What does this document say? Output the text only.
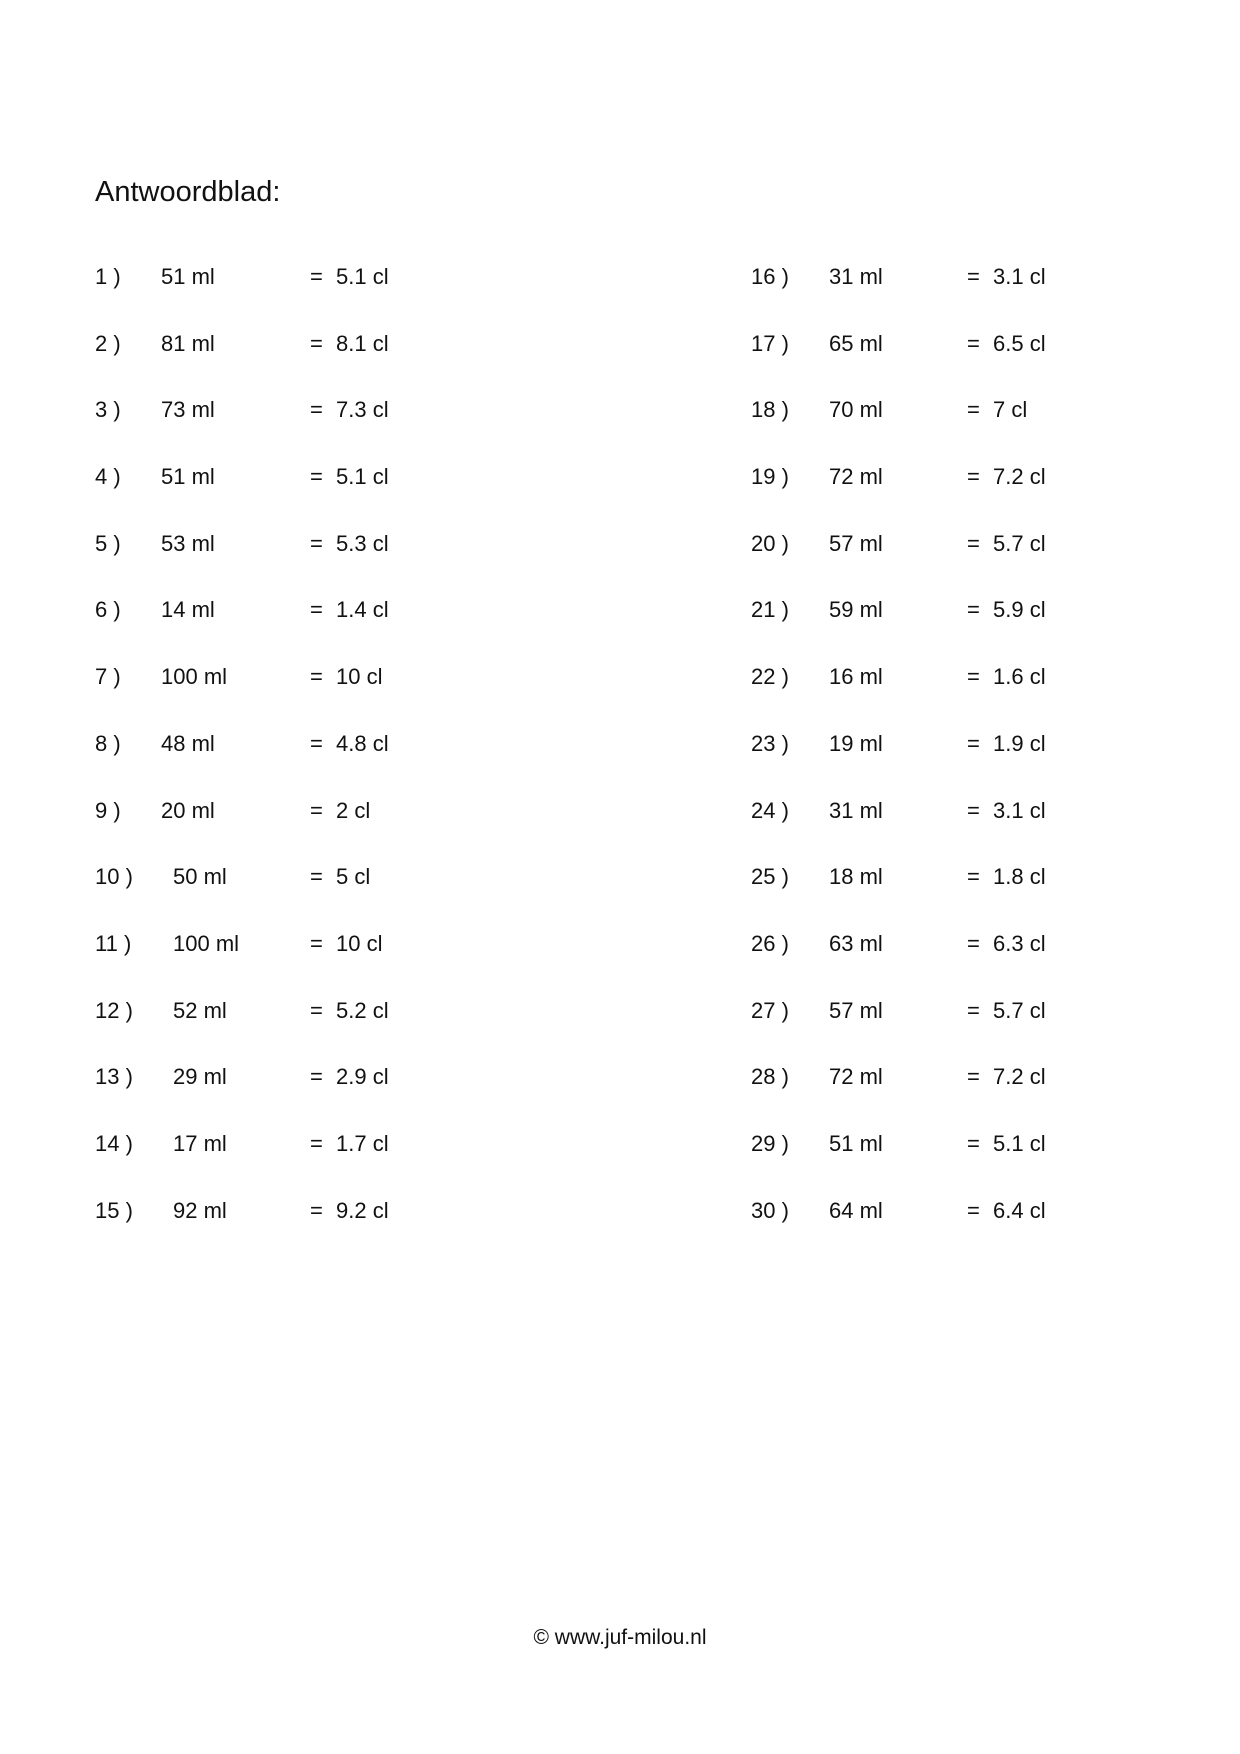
Antwoordblad:
1 ) 51 ml	= 5.1 cl
2 ) 81 ml	= 8.1 cl
3 ) 73 ml	= 7.3 cl
4 ) 51 ml	= 5.1 cl
5 ) 53 ml	= 5.3 cl
6 ) 14 ml	= 1.4 cl
7 ) 100 ml	= 10 cl
8 ) 48 ml	= 4.8 cl
9 ) 20 ml	= 2 cl
10 ) 50 ml	= 5 cl
11 ) 100 ml	= 10 cl
12 ) 52 ml	= 5.2 cl
13 ) 29 ml	= 2.9 cl
14 ) 17 ml	= 1.7 cl
15 ) 92 ml	= 9.2 cl
16 ) 31 ml	= 3.1 cl
17 ) 65 ml	= 6.5 cl
18 ) 70 ml	= 7 cl
19 ) 72 ml	= 7.2 cl
20 ) 57 ml	= 5.7 cl
21 ) 59 ml	= 5.9 cl
22 ) 16 ml	= 1.6 cl
23 ) 19 ml	= 1.9 cl
24 ) 31 ml	= 3.1 cl
25 ) 18 ml	= 1.8 cl
26 ) 63 ml	= 6.3 cl
27 ) 57 ml	= 5.7 cl
28 ) 72 ml	= 7.2 cl
29 ) 51 ml	= 5.1 cl
30 ) 64 ml	= 6.4 cl
© www.juf-milou.nl
